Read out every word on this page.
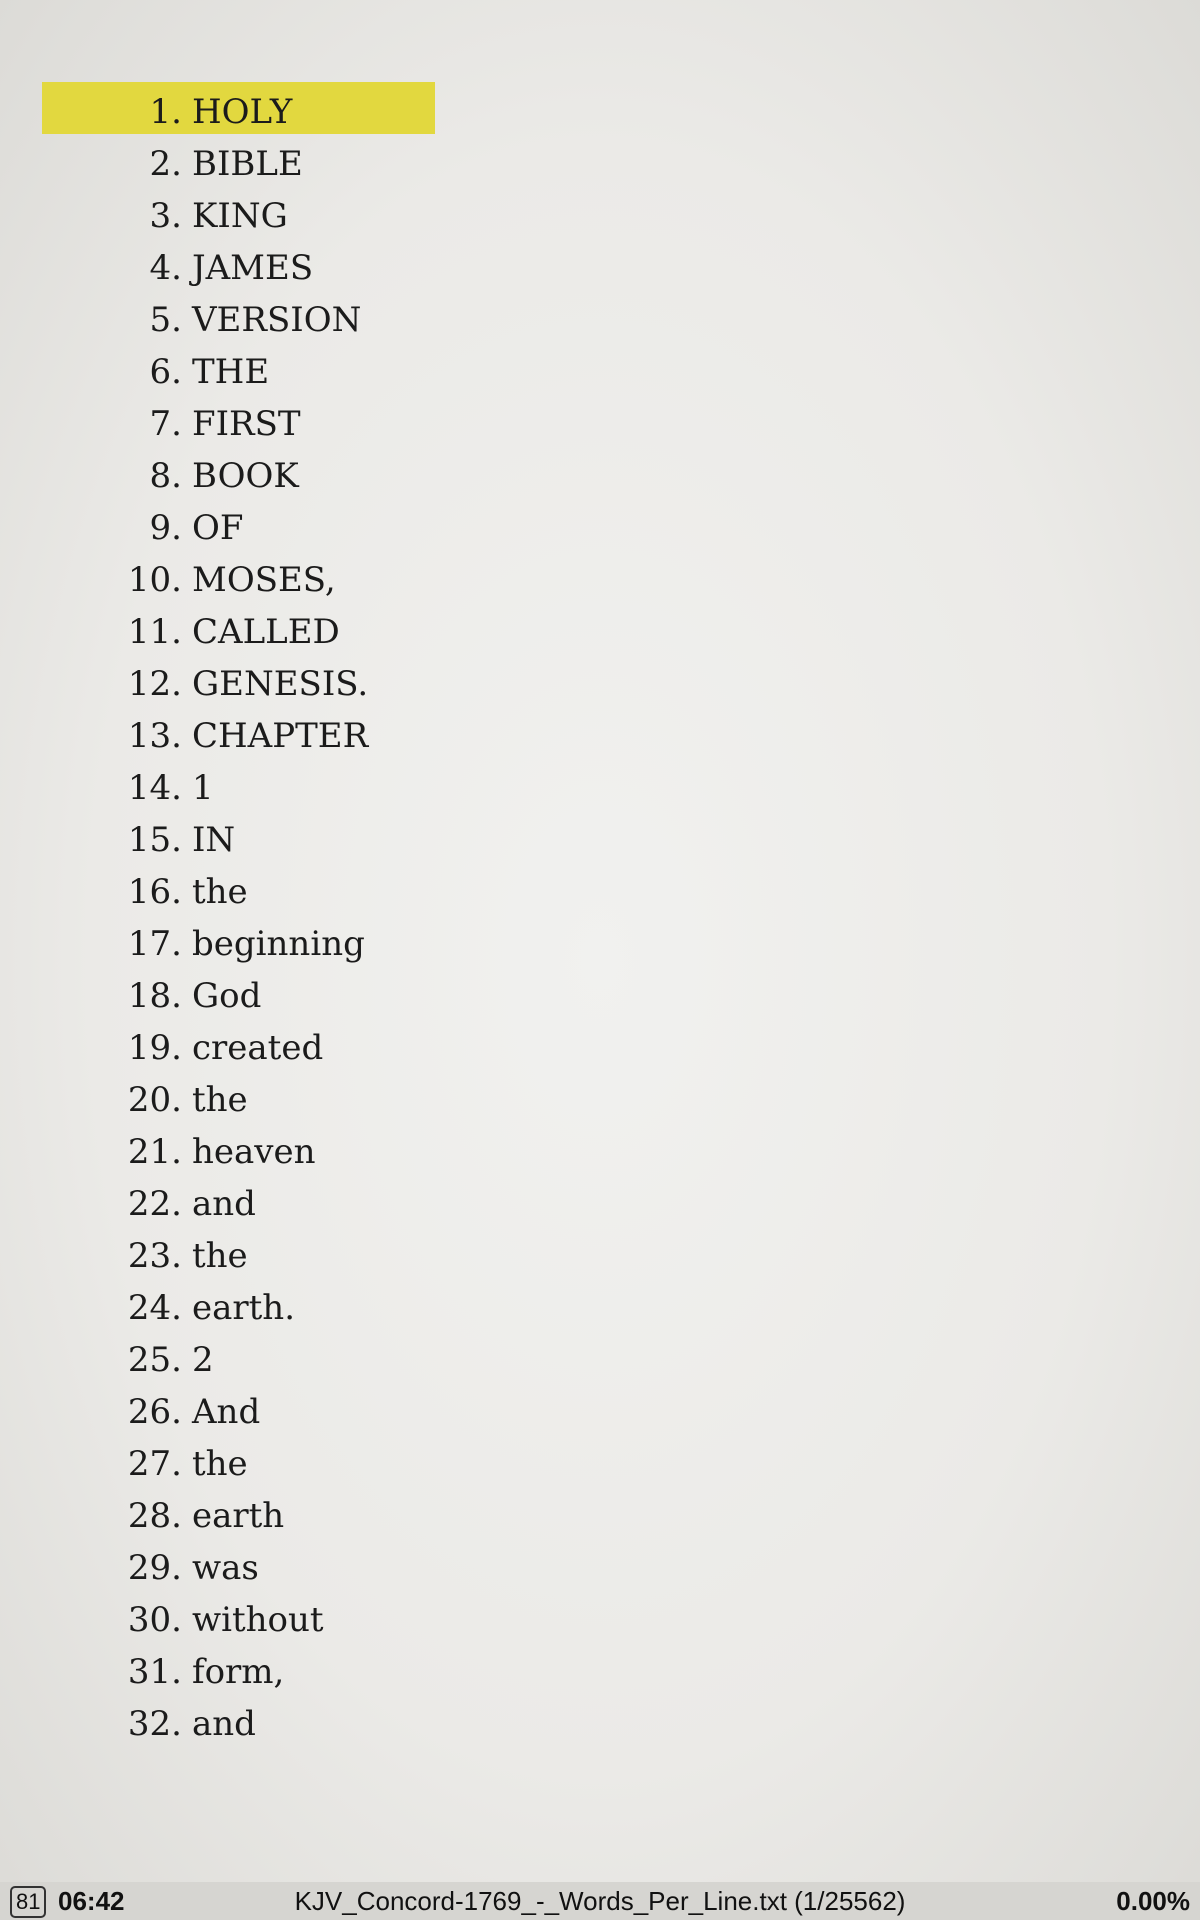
1. HOLY
2. BIBLE
3. KING
4. JAMES
5. VERSION
6. THE
7. FIRST
8. BOOK
9. OF
10. MOSES,
11. CALLED
12. GENESIS.
13. CHAPTER
14. 1
15. IN
16. the
17. beginning
18. God
19. created
20. the
21. heaven
22. and
23. the
24. earth.
25. 2
26. And
27. the
28. earth
29. was
30. without
31. form,
32. and
KJV_Concord-1769_-_Words_Per_Line.txt (1/25562)
81 06:42	0.00%
